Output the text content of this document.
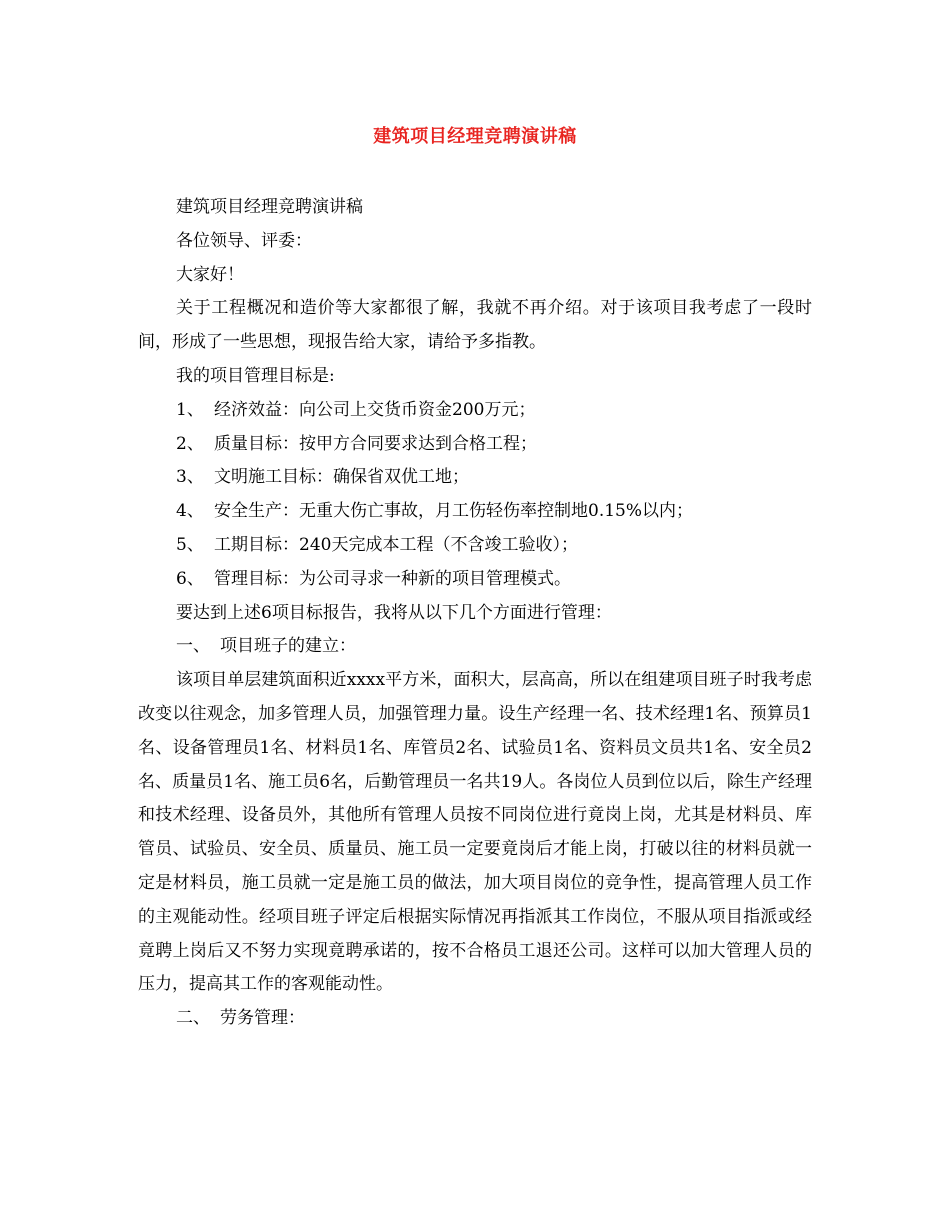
建筑项目经理竞聘演讲稿

建筑项目经理竞聘演讲稿

各位领导、评委：

大家好！

关于工程概况和造价等大家都很了解，我就不再介绍。对于该项目我考虑了一段时间，形成了一些思想，现报告给大家，请给予多指教。

我的项目管理目标是:

1、 经济效益：向公司上交货币资金200万元；

2、 质量目标：按甲方合同要求达到合格工程；

3、 文明施工目标：确保省双优工地；

4、 安全生产：无重大伤亡事故，月工伤轻伤率控制地0.15%以内；

5、 工期目标：240天完成本工程（不含竣工验收）；

6、 管理目标：为公司寻求一种新的项目管理模式。

要达到上述6项目标报告，我将从以下几个方面进行管理：

一、 项目班子的建立：

该项目单层建筑面积近xxxx平方米，面积大，层高高，所以在组建项目班子时我考虑改变以往观念，加多管理人员，加强管理力量。设生产经理一名、技术经理1名、预算员1名、设备管理员1名、材料员1名、库管员2名、试验员1名、资料员文员共1名、安全员2名、质量员1名、施工员6名，后勤管理员一名共19人。各岗位人员到位以后，除生产经理和技术经理、设备员外，其他所有管理人员按不同岗位进行竟岗上岗，尤其是材料员、库管员、试验员、安全员、质量员、施工员一定要竟岗后才能上岗，打破以往的材料员就一定是材料员，施工员就一定是施工员的做法，加大项目岗位的竞争性，提高管理人员工作的主观能动性。经项目班子评定后根据实际情况再指派其工作岗位，不服从项目指派或经竟聘上岗后又不努力实现竟聘承诺的，按不合格员工退还公司。这样可以加大管理人员的压力，提高其工作的客观能动性。

二、 劳务管理：
